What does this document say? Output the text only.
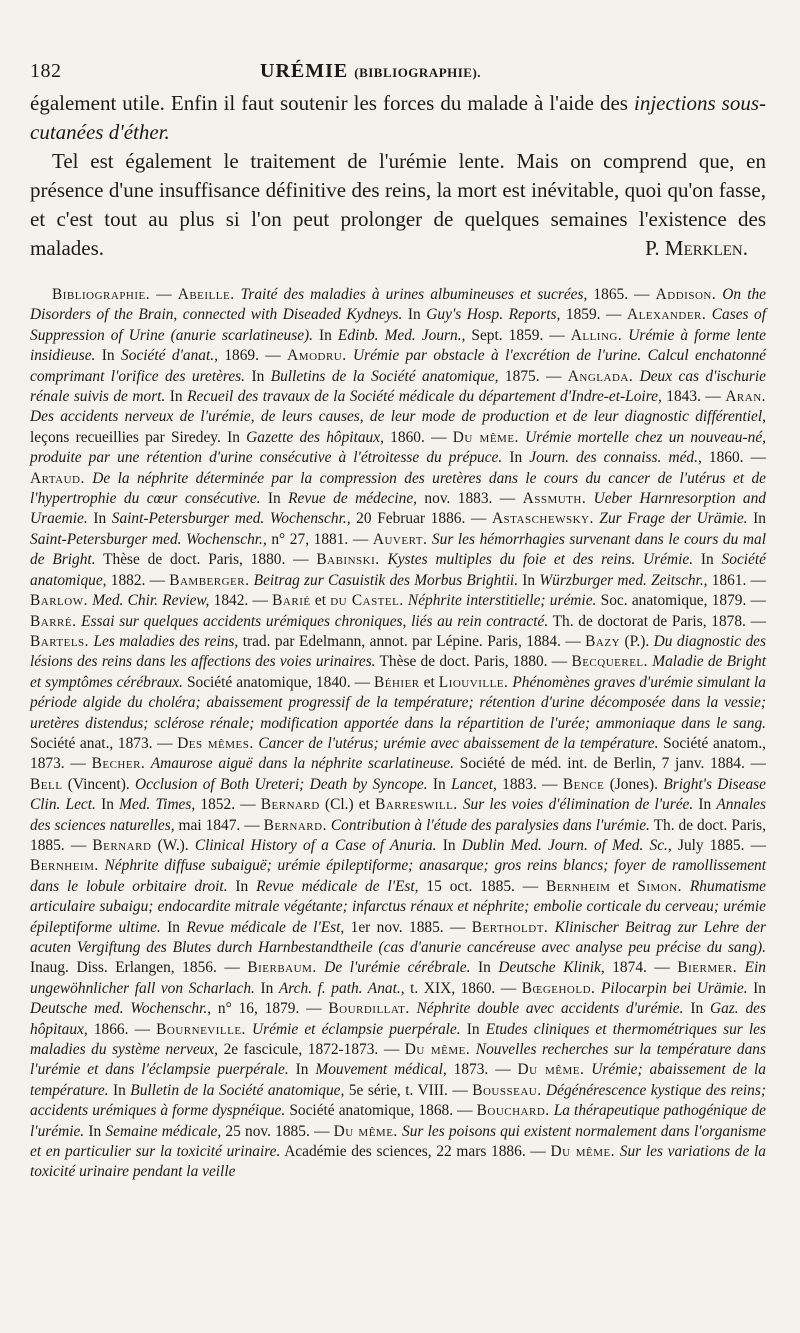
182	URÉMIE (BIBLIOGRAPHIE).

également utile. Enfin il faut soutenir les forces du malade à l'aide des injections sous-cutanées d'éther.

Tel est également le traitement de l'urémie lente. Mais on comprend que, en présence d'une insuffisance définitive des reins, la mort est inévitable, quoi qu'on fasse, et c'est tout au plus si l'on peut prolonger de quelques semaines l'existence des malades.	P. Merklen.
Bibliographie. — Abeille. Traité des maladies à urines albumineuses et sucrées, 1865. — Addison. On the Disorders of the Brain, connected with Diseaded Kydneys. In Guy's Hosp. Reports, 1859. — Alexander. Cases of Suppression of Urine (anurie scarlatineuse). In Edinb. Med. Journ., Sept. 1859. — Alling. Urémie à forme lente insidieuse. In Société d'anat., 1869. — Amodru. Urémie par obstacle à l'excrétion de l'urine. Calcul enchatonné comprimant l'orifice des uretères. In Bulletins de la Société anatomique, 1875. — Anglada. Deux cas d'ischurie rénale suivis de mort. In Recueil des travaux de la Société médicale du département d'Indre-et-Loire, 1843. — Aran. Des accidents nerveux de l'urémie, de leurs causes, de leur mode de production et de leur diagnostic différentiel, leçons recueillies par Siredey. In Gazette des hôpitaux, 1860. — Du même. Urémie mortelle chez un nouveau-né, produite par une rétention d'urine consécutive à l'étroitesse du prépuce. In Journ. des connaiss. méd., 1860. — Artaud. De la néphrite déterminée par la compression des uretères dans le cours du cancer de l'utérus et de l'hypertrophie du cœur consécutive. In Revue de médecine, nov. 1883. — Assmuth. Ueber Harnresorption and Uraemie. In Saint-Petersburger med. Wochenschr., 20 Februar 1886. — Astaschewsky. Zur Frage der Urämie. In Saint-Petersburger med. Wochenschr., n° 27, 1881. — Auvert. Sur les hémorrhagies survenant dans le cours du mal de Bright. Thèse de doct. Paris, 1880. — Babinski. Kystes multiples du foie et des reins. Urémie. In Société anatomique, 1882. — Bamberger. Beitrag zur Casuistik des Morbus Brightii. In Würzburger med. Zeitschr., 1861. — Barlow. Med. Chir. Review, 1842. — Barié et du Castel. Néphrite interstitielle; urémie. Soc. anatomique, 1879. — Barré. Essai sur quelques accidents urémiques chroniques, liés au rein contracté. Th. de doctorat de Paris, 1878. — Bartels. Les maladies des reins, trad. par Edelmann, annot. par Lépine. Paris, 1884. — Bazy (P.). Du diagnostic des lésions des reins dans les affections des voies urinaires. Thèse de doct. Paris, 1880. — Becquerel. Maladie de Bright et symptômes cérébraux. Société anatomique, 1840. — Béhier et Liouville. Phénomènes graves d'urémie simulant la période algide du choléra; abaissement progressif de la température; rétention d'urine décomposée dans la vessie; uretères distendus; sclérose rénale; modification apportée dans la répartition de l'urée; ammoniaque dans le sang. Société anat., 1873. — Des mêmes. Cancer de l'utérus; urémie avec abaissement de la température. Société anatom., 1873. — Becher. Amaurose aiguë dans la néphrite scarlatineuse. Société de méd. int. de Berlin, 7 janv. 1884. — Bell (Vincent). Occlusion of Both Ureteri; Death by Syncope. In Lancet, 1883. — Bence (Jones). Bright's Disease Clin. Lect. In Med. Times, 1852. — Bernard (Cl.) et Barreswill. Sur les voies d'élimination de l'urée. In Annales des sciences naturelles, mai 1847. — Bernard. Contribution à l'étude des paralysies dans l'urémie. Th. de doct. Paris, 1885. — Bernard (W.). Clinical History of a Case of Anuria. In Dublin Med. Journ. of Med. Sc., July 1885. — Bernheim. Néphrite diffuse subaiguë; urémie épileptiforme; anasarque; gros reins blancs; foyer de ramollissement dans le lobule orbitaire droit. In Revue médicale de l'Est, 15 oct. 1885. — Bernheim et Simon. Rhumatisme articulaire subaigu; endocardite mitrale végétante; infarctus rénaux et néphrite; embolie corticale du cerveau; urémie épileptiforme ultime. In Revue médicale de l'Est, 1er nov. 1885. — Bertholdt. Klinischer Beitrag zur Lehre der acuten Vergiftung des Blutes durch Harnbestandtheile (cas d'anurie cancéreuse avec analyse peu précise du sang). Inaug. Diss. Erlangen, 1856. — Bierbaum. De l'urémie cérébrale. In Deutsche Klinik, 1874. — Biermer. Ein ungewöhnlicher fall von Scharlach. In Arch. f. path. Anat., t. XIX, 1860. — Bœgehold. Pilocarpin bei Urämie. In Deutsche med. Wochenschr., n° 16, 1879. — Bourdillat. Néphrite double avec accidents d'urémie. In Gaz. des hôpitaux, 1866. — Bourneville. Urémie et éclampsie puerpérale. In Etudes cliniques et thermométriques sur les maladies du système nerveux, 2e fascicule, 1872-1873. — Du même. Nouvelles recherches sur la température dans l'urémie et dans l'éclampsie puerpérale. In Mouvement médical, 1873. — Du même. Urémie; abaissement de la température. In Bulletin de la Société anatomique, 5e série, t. VIII. — Bousseau. Dégénérescence kystique des reins; accidents urémiques à forme dyspnéique. Société anatomique, 1868. — Bouchard. La thérapeutique pathogénique de l'urémie. In Semaine médicale, 25 nov. 1885. — Du même. Sur les poisons qui existent normalement dans l'organisme et en particulier sur la toxicité urinaire. Académie des sciences, 22 mars 1886. — Du même. Sur les variations de la toxicité urinaire pendant la veille
